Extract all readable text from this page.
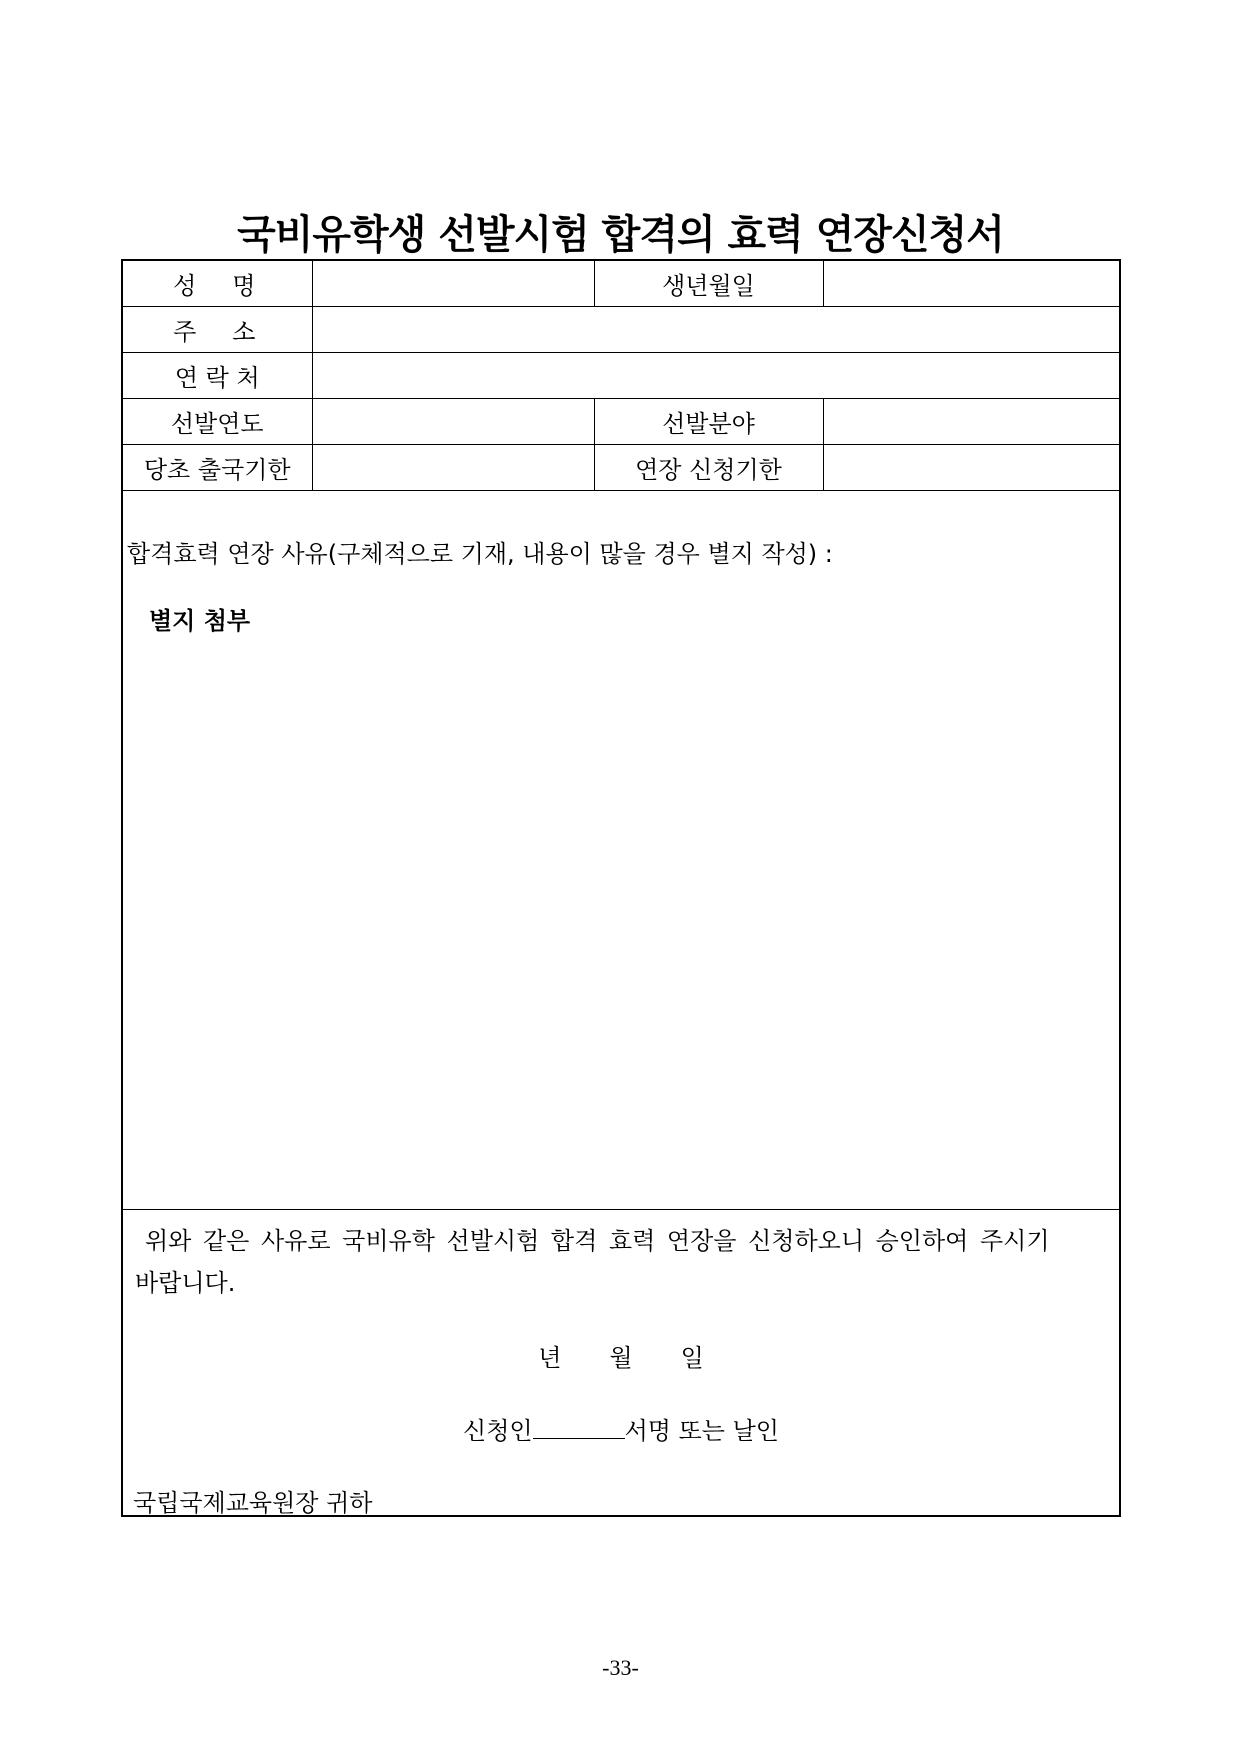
국비유학생 선발시험 합격의 효력 연장신청서
성　명		생년월일	
주　소			
연 락 처			
선발연도		선발분야	
당초 출국기한		연장 신청기한	
합격효력 연장 사유(구체적으로 기재, 내용이 많을 경우 별지 작성) :
별지 첨부
위와 같은 사유로 국비유학 선발시험 합격 효력 연장을 신청하오니 승인하여 주시기
바랍니다.
년　　월　　일
신청인	서명 또는 날인
국립국제교육원장 귀하
-33-
